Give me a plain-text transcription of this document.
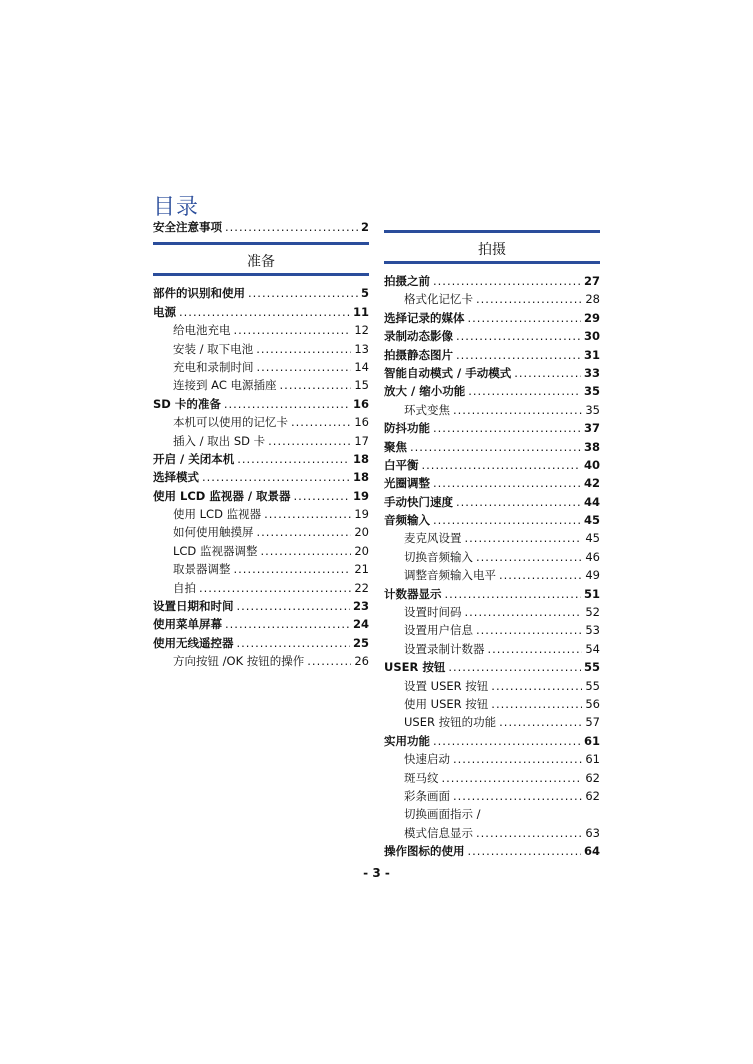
目录
安全注意事项 .....	2
准备
部件的识别和使用 .....	5
电源 .....	11
给电池充电 .....	12
安装 / 取下电池 .....	13
充电和录制时间 .....	14
连接到 AC 电源插座 .....	15
SD 卡的准备 .....	16
本机可以使用的记忆卡 .....	16
插入 / 取出 SD 卡 .....	17
开启 / 关闭本机 .....	18
选择模式 .....	18
使用 LCD 监视器 / 取景器 .....	19
使用 LCD 监视器 .....	19
如何使用触摸屏 .....	20
LCD 监视器调整 .....	20
取景器调整 .....	21
自拍 .....	22
设置日期和时间 .....	23
使用菜单屏幕 .....	24
使用无线遥控器 .....	25
方向按钮 /OK 按钮的操作 .....	26
拍摄
拍摄之前 .....	27
格式化记忆卡 .....	28
选择记录的媒体 .....	29
录制动态影像 .....	30
拍摄静态图片 .....	31
智能自动模式 / 手动模式 .....	33
放大 / 缩小功能 .....	35
环式变焦 .....	35
防抖功能 .....	37
聚焦 .....	38
白平衡 .....	40
光圈调整 .....	42
手动快门速度 .....	44
音频输入 .....	45
麦克风设置 .....	45
切换音频输入 .....	46
调整音频输入电平 .....	49
计数器显示 .....	51
设置时间码 .....	52
设置用户信息 .....	53
设置录制计数器 .....	54
USER 按钮 .....	55
设置 USER 按钮 .....	55
使用 USER 按钮 .....	56
USER 按钮的功能 .....	57
实用功能 .....	61
快速启动 .....	61
斑马纹 .....	62
彩条画面 .....	62
切换画面指示 /
模式信息显示 .....	63
操作图标的使用 .....	64
- 3 -
